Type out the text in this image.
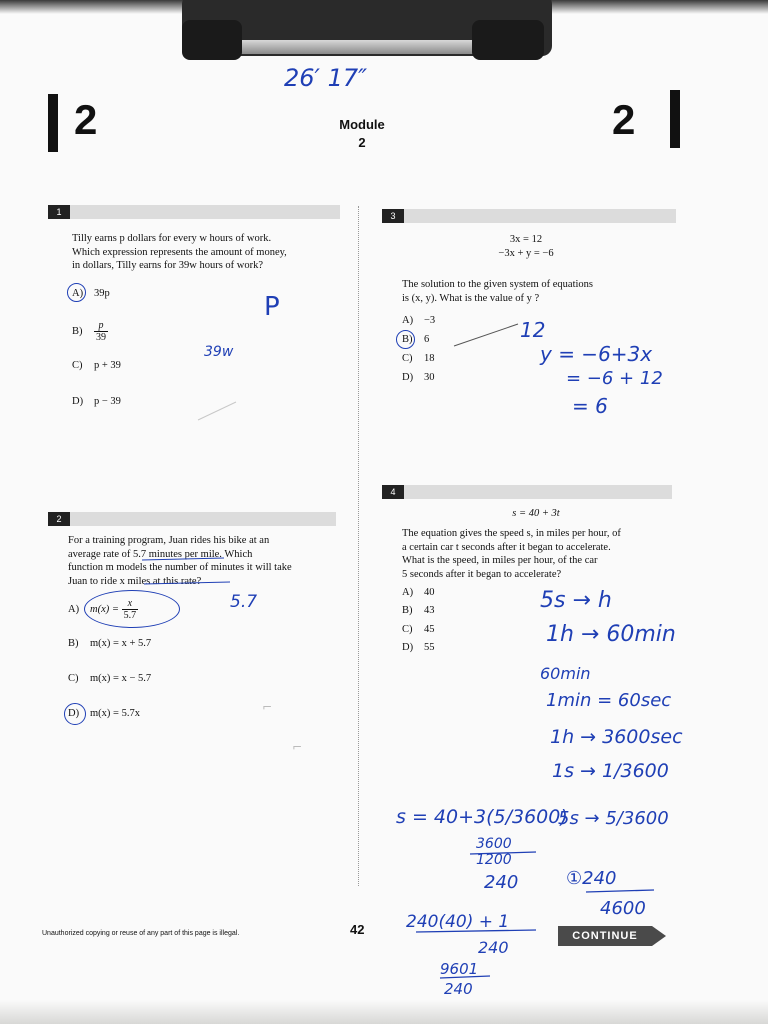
26′ 17″
2	Module
2	2
1
Tilly earns p dollars for every w hours of work.
Which expression represents the amount of money,
in dollars, Tilly earns for 39w hours of work?
A) 39p
$B) \frac{p}{39}$
C) p + 39
D) p − 39
P
39w
2
For a training program, Juan rides his bike at an
average rate of 5.7 minutes per mile. Which
function m models the number of minutes it will take
Juan to ride x miles at this rate?
A) $m(x) = \frac{x}{5.7}$	5.7
B) m(x) = x + 5.7
C) m(x) = x − 5.7
D) m(x) = 5.7x	⌐
⌐
3
3x = 12
−3x + y = −6
The solution to the given system of equations
is (x, y). What is the value of y ?
A) −3
B) 6
C) 18
D) 30
12
y = −6+3x
= −6 + 12
= 6
4
s = 40 + 3t
The equation gives the speed s, in miles per hour, of
a certain car t seconds after it began to accelerate.
What is the speed, in miles per hour, of the car
5 seconds after it began to accelerate?
A) 40
B) 43
C) 45
D) 55
5s → h
1h → 60min
60min
1min = 60sec
1h → 3600sec
1s → 1/3600
s = 40+3(5/3600)
5s → 5/3600
3600
1200
240	①240
240(40) + 1
240
9601
240
4600
Unauthorized copying or reuse of any part of this page is illegal.	42	CONTINUE
